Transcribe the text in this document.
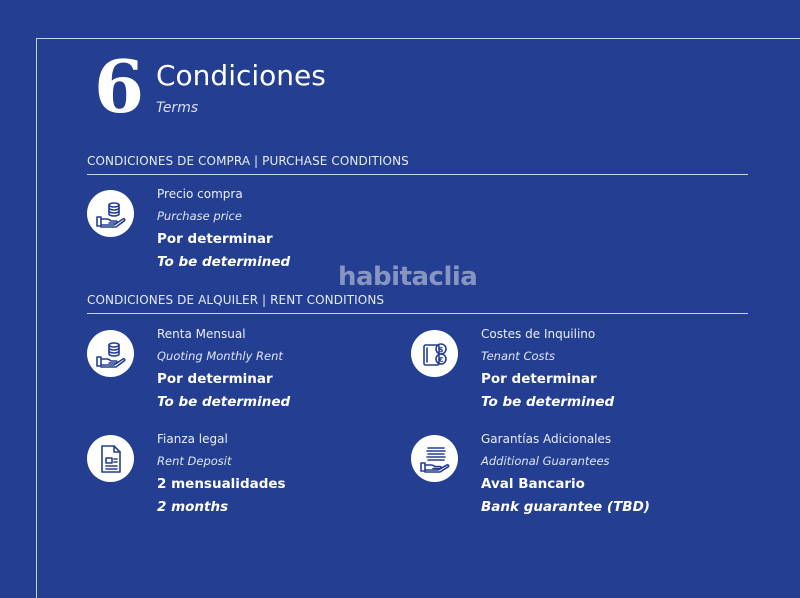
6 Condiciones
Terms
CONDICIONES DE COMPRA | PURCHASE CONDITIONS
Precio compra
Purchase price
Por determinar
To be determined habitaclia
CONDICIONES DE ALQUILER | RENT CONDITIONS
Renta Mensual
Quoting Monthly Rent
Por determinar
To be determined
$
€
Costes de Inquilino
Tenant Costs
Por determinar
To be determined
Fianza legal
Rent Deposit
2 mensualidades
2 months
Garantías Adicionales
Additional Guarantees
Aval Bancario
Bank guarantee (TBD)
